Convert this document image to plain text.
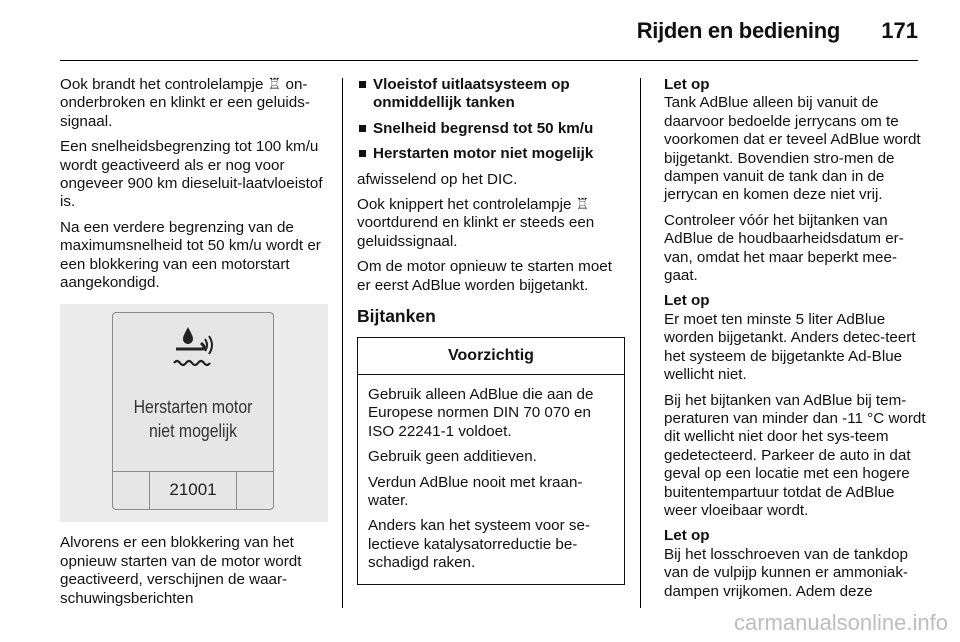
Rijden en bediening 171

Ook brandt het controlelampje ♖ on-onderbroken en klinkt er een geluids-signaal.

Een snelheidsbegrenzing tot 100 km/u wordt geactiveerd als er nog voor ongeveer 900 km dieseluit-laatvloeistof is.

Na een verdere begrenzing van de maximumsnelheid tot 50 km/u wordt er een blokkering van een motorstart aangekondigd.

Herstarten motor
niet mogelijk
21001

Alvorens er een blokkering van het opnieuw starten van de motor wordt geactiveerd, verschijnen de waar-schuwingsberichten

Vloeistof uitlaatsysteem op onmiddellijk tanken
Snelheid begrensd tot 50 km/u
Herstarten motor niet mogelijk

afwisselend op het DIC.

Ook knippert het controlelampje ♖ voortdurend en klinkt er steeds een geluidssignaal.

Om de motor opnieuw te starten moet er eerst AdBlue worden bijgetankt.

Bijtanken
Voorzichtig

Gebruik alleen AdBlue die aan de Europese normen DIN 70 070 en ISO 22241-1 voldoet.

Gebruik geen additieven.

Verdun AdBlue nooit met kraan-water.

Anders kan het systeem voor se-lectieve katalysatorreductie be-schadigd raken.

Let op
Tank AdBlue alleen bij vanuit de daarvoor bedoelde jerrycans om te voorkomen dat er teveel AdBlue wordt bijgetankt. Bovendien stro-men de dampen vanuit de tank dan in de jerrycan en komen deze niet vrij.

Controleer vóór het bijtanken van AdBlue de houdbaarheidsdatum er-van, omdat het maar beperkt mee-gaat.

Let op
Er moet ten minste 5 liter AdBlue worden bijgetankt. Anders detec-teert het systeem de bijgetankte Ad-Blue wellicht niet.

Bij het bijtanken van AdBlue bij tem-peraturen van minder dan -11 °C wordt dit wellicht niet door het sys-teem gedetecteerd. Parkeer de auto in dat geval op een locatie met een hogere buitentempartuur totdat de AdBlue weer vloeibaar wordt.

Let op
Bij het losschroeven van de tankdop van de vulpijp kunnen er ammoniak-dampen vrijkomen. Adem deze

carmanualsonline.info
